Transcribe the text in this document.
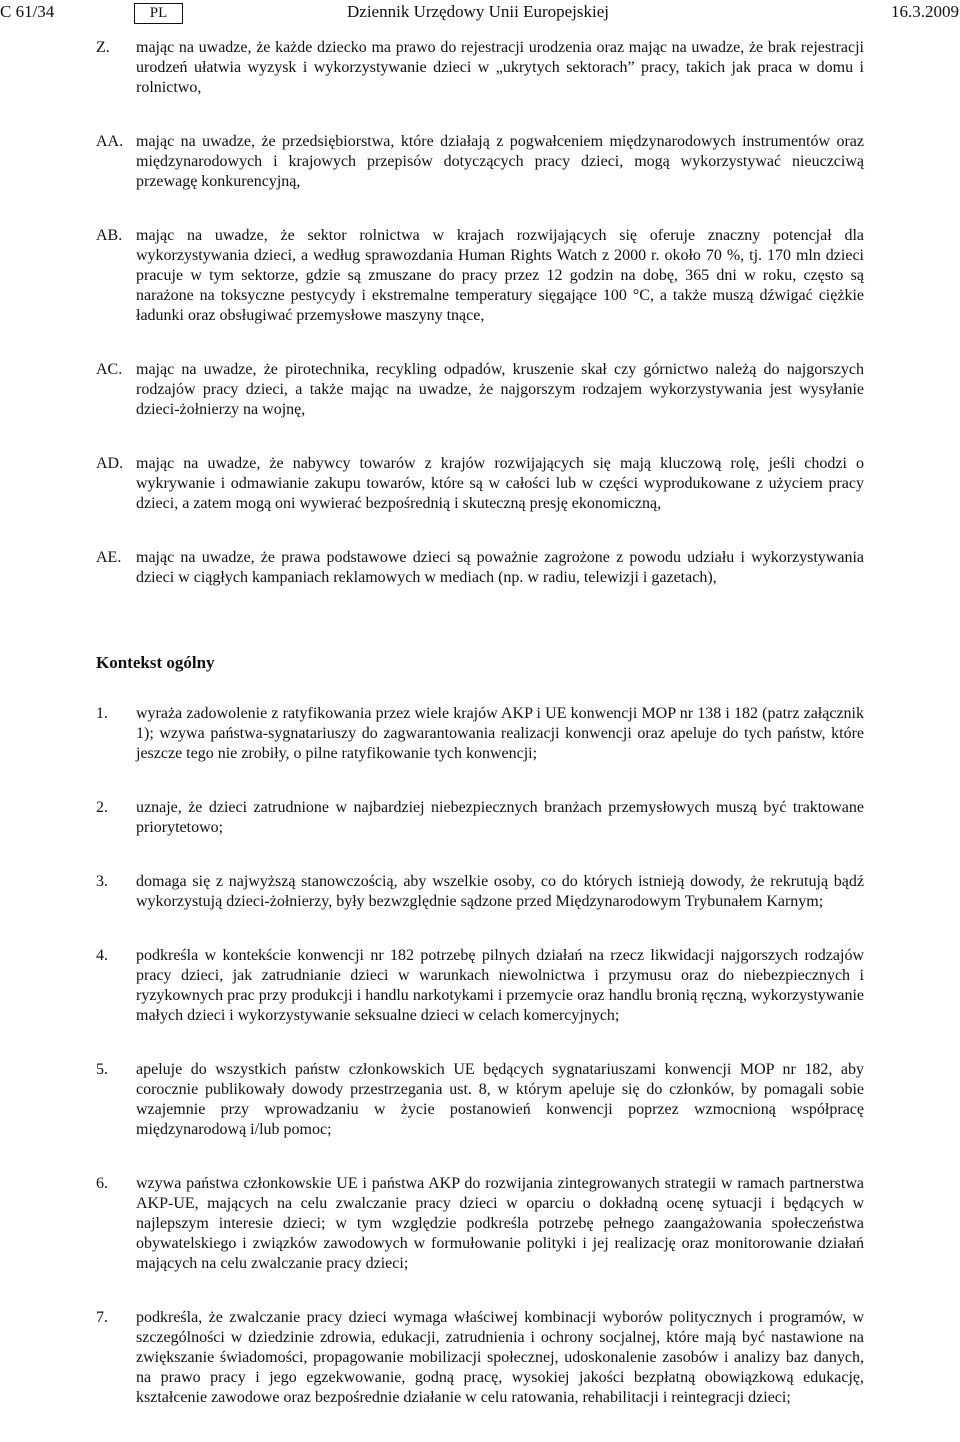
C 61/34	PL	Dziennik Urzędowy Unii Europejskiej	16.3.2009
Z. mając na uwadze, że każde dziecko ma prawo do rejestracji urodzenia oraz mając na uwadze, że brak rejestracji urodzeń ułatwia wyzysk i wykorzystywanie dzieci w „ukrytych sektorach” pracy, takich jak praca w domu i rolnictwo,
AA. mając na uwadze, że przedsiębiorstwa, które działają z pogwałceniem międzynarodowych instrumentów oraz międzynarodowych i krajowych przepisów dotyczących pracy dzieci, mogą wykorzystywać nieuczciwą przewagę konkurencyjną,
AB. mając na uwadze, że sektor rolnictwa w krajach rozwijających się oferuje znaczny potencjał dla wykorzystywania dzieci, a według sprawozdania Human Rights Watch z 2000 r. około 70 %, tj. 170 mln dzieci pracuje w tym sektorze, gdzie są zmuszane do pracy przez 12 godzin na dobę, 365 dni w roku, często są narażone na toksyczne pestycydy i ekstremalne temperatury sięgające 100 °C, a także muszą dźwigać ciężkie ładunki oraz obsługiwać przemysłowe maszyny tnące,
AC. mając na uwadze, że pirotechnika, recykling odpadów, kruszenie skał czy górnictwo należą do najgorszych rodzajów pracy dzieci, a także mając na uwadze, że najgorszym rodzajem wykorzystywania jest wysyłanie dzieci-żołnierzy na wojnę,
AD. mając na uwadze, że nabywcy towarów z krajów rozwijających się mają kluczową rolę, jeśli chodzi o wykrywanie i odmawianie zakupu towarów, które są w całości lub w części wyprodukowane z użyciem pracy dzieci, a zatem mogą oni wywierać bezpośrednią i skuteczną presję ekonomiczną,
AE. mając na uwadze, że prawa podstawowe dzieci są poważnie zagrożone z powodu udziału i wykorzystywania dzieci w ciągłych kampaniach reklamowych w mediach (np. w radiu, telewizji i gazetach),
Kontekst ogólny
1. wyraża zadowolenie z ratyfikowania przez wiele krajów AKP i UE konwencji MOP nr 138 i 182 (patrz załącznik 1); wzywa państwa-sygnatariuszy do zagwarantowania realizacji konwencji oraz apeluje do tych państw, które jeszcze tego nie zrobiły, o pilne ratyfikowanie tych konwencji;
2. uznaje, że dzieci zatrudnione w najbardziej niebezpiecznych branżach przemysłowych muszą być traktowane priorytetowo;
3. domaga się z najwyższą stanowczością, aby wszelkie osoby, co do których istnieją dowody, że rekrutują bądź wykorzystują dzieci-żołnierzy, były bezwzględnie sądzone przed Międzynarodowym Trybunałem Karnym;
4. podkreśla w kontekście konwencji nr 182 potrzebę pilnych działań na rzecz likwidacji najgorszych rodzajów pracy dzieci, jak zatrudnianie dzieci w warunkach niewolnictwa i przymusu oraz do niebezpiecznych i ryzykownych prac przy produkcji i handlu narkotykami i przemycie oraz handlu bronią ręczną, wykorzystywanie małych dzieci i wykorzystywanie seksualne dzieci w celach komercyjnych;
5. apeluje do wszystkich państw członkowskich UE będących sygnatariuszami konwencji MOP nr 182, aby corocznie publikowały dowody przestrzegania ust. 8, w którym apeluje się do członków, by pomagali sobie wzajemnie przy wprowadzaniu w życie postanowień konwencji poprzez wzmocnioną współpracę międzynarodową i/lub pomoc;
6. wzywa państwa członkowskie UE i państwa AKP do rozwijania zintegrowanych strategii w ramach partnerstwa AKP-UE, mających na celu zwalczanie pracy dzieci w oparciu o dokładną ocenę sytuacji i będących w najlepszym interesie dzieci; w tym względzie podkreśla potrzebę pełnego zaangażowania społeczeństwa obywatelskiego i związków zawodowych w formułowanie polityki i jej realizację oraz monitorowanie działań mających na celu zwalczanie pracy dzieci;
7. podkreśla, że zwalczanie pracy dzieci wymaga właściwej kombinacji wyborów politycznych i programów, w szczególności w dziedzinie zdrowia, edukacji, zatrudnienia i ochrony socjalnej, które mają być nastawione na zwiększanie świadomości, propagowanie mobilizacji społecznej, udoskonalenie zasobów i analizy baz danych, na prawo pracy i jego egzekwowanie, godną pracę, wysokiej jakości bezpłatną obowiązkową edukację, kształcenie zawodowe oraz bezpośrednie działanie w celu ratowania, rehabilitacji i reintegracji dzieci;
